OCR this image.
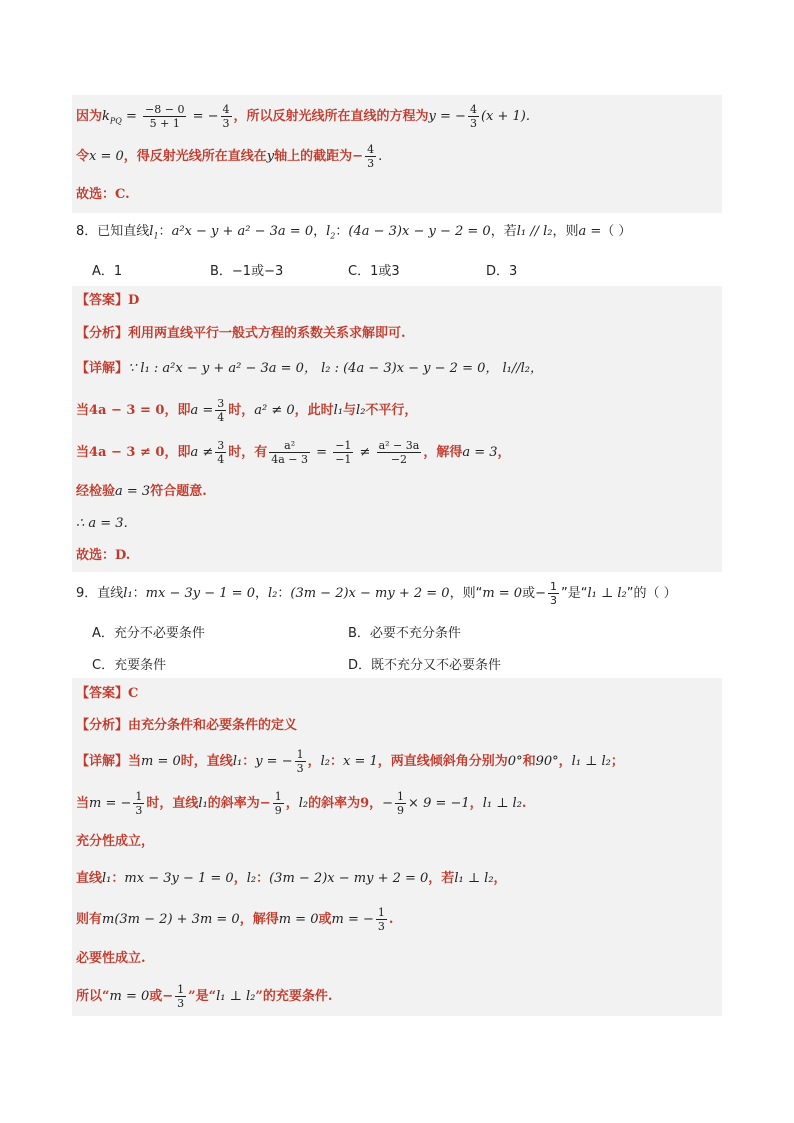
因为$k_{PQ} = \frac{-8 - 0}{5 + 1}$ = − $\frac{4}{3}$ ，所以反射光线所在直线的方程为y = − $\frac{4}{3} (x + 1)$.
令x = 0，得反射光线所在直线在y轴上的截距为− $\frac{4}{3}$ .
故选：C.
8．已知直线$l_1$：a²x − y + a² − 3a = 0，$l_2$：(4a − 3)x − y − 2 = 0，若l₁ // l₂，则a =（ ）
A．1	B．−1或−3	C．1或3	D．3
【答案】D
【分析】利用两直线平行一般式方程的系数关系求解即可.
【详解】∵ l₁ : a²x − y + a² − 3a = 0， l₂ : (4a − 3)x − y − 2 = 0， l₁//l₂，
当4a − 3 = 0，即$a = \frac{3}{4}$ 时，a² ≠ 0，此时l₁与l₂不平行，
当4a − 3 ≠ 0，即$a \ne \frac{3}{4}$ 时，有 $\frac{\text{a²}}{4a - 3} = \frac{-1}{-1} \ne \frac{\text{a² − 3a}}{-2}$ ，解得a = 3，
经检验a = 3符合题意.
∴ a = 3.
故选：D.
9．直线l₁：mx − 3y − 1 = 0，l₂：(3m − 2)x − my + 2 = 0，则“m = 0或− $\frac{1}{3}$ ”是“l₁ ⊥ l₂”的（ ）
A．充分不必要条件	B．必要不充分条件
C．充要条件	D．既不充分又不必要条件
【答案】C
【分析】由充分条件和必要条件的定义
【详解】当m = 0时，直线l₁：y = − $\frac{1}{3}$ ，l₂：x = 1，两直线倾斜角分别为0°和90°，l₁ ⊥ l₂；
当m = − $\frac{1}{3}$ 时，直线l₁的斜率为− $\frac{1}{9}$ ，l₂的斜率为9，− $\frac{1}{9} \times 9 = -1$，l₁ ⊥ l₂.
充分性成立，
直线l₁：mx − 3y − 1 = 0，l₂：(3m − 2)x − my + 2 = 0，若l₁ ⊥ l₂，
则有m(3m − 2) + 3m = 0，解得m = 0或m = − $\frac{1}{3}$ .
必要性成立.
所以“m = 0或− $\frac{1}{3}$ ”是“l₁ ⊥ l₂”的充要条件.
